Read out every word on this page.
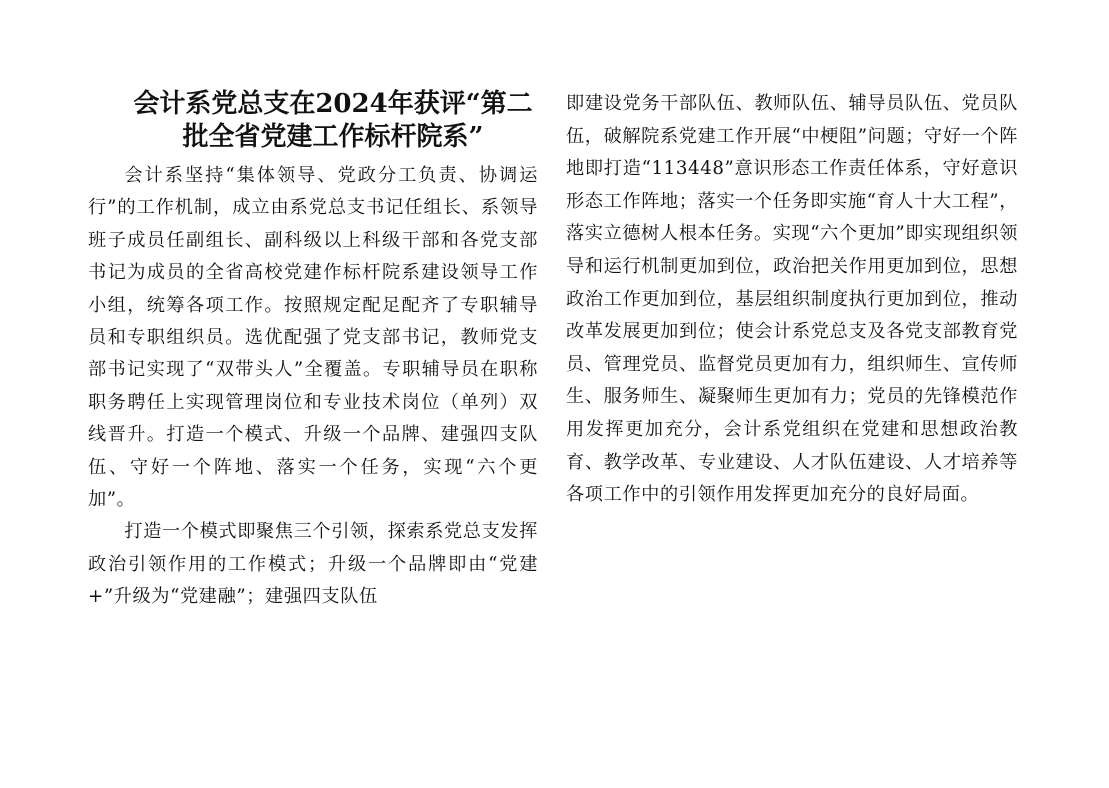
会计系党总支在2024年获评“第二批全省党建工作标杆院系”

会计系坚持“集体领导、党政分工负责、协调运行”的工作机制，成立由系党总支书记任组长、系领导班子成员任副组长、副科级以上科级干部和各党支部书记为成员的全省高校党建作标杆院系建设领导工作小组，统筹各项工作。按照规定配足配齐了专职辅导员和专职组织员。选优配强了党支部书记，教师党支部书记实现了“双带头人”全覆盖。专职辅导员在职称职务聘任上实现管理岗位和专业技术岗位（单列）双线晋升。打造一个模式、升级一个品牌、建强四支队伍、守好一个阵地、落实一个任务，实现“六个更加”。

打造一个模式即聚焦三个引领，探索系党总支发挥政治引领作用的工作模式；升级一个品牌即由“党建+”升级为“党建融”；建强四支队伍

即建设党务干部队伍、教师队伍、辅导员队伍、党员队伍，破解院系党建工作开展“中梗阻”问题；守好一个阵地即打造“113448”意识形态工作责任体系，守好意识形态工作阵地；落实一个任务即实施“育人十大工程”，落实立德树人根本任务。实现“六个更加”即实现组织领导和运行机制更加到位，政治把关作用更加到位，思想政治工作更加到位，基层组织制度执行更加到位，推动改革发展更加到位；使会计系党总支及各党支部教育党员、管理党员、监督党员更加有力，组织师生、宣传师生、服务师生、凝聚师生更加有力；党员的先锋模范作用发挥更加充分，会计系党组织在党建和思想政治教育、教学改革、专业建设、人才队伍建设、人才培养等各项工作中的引领作用发挥更加充分的良好局面。
